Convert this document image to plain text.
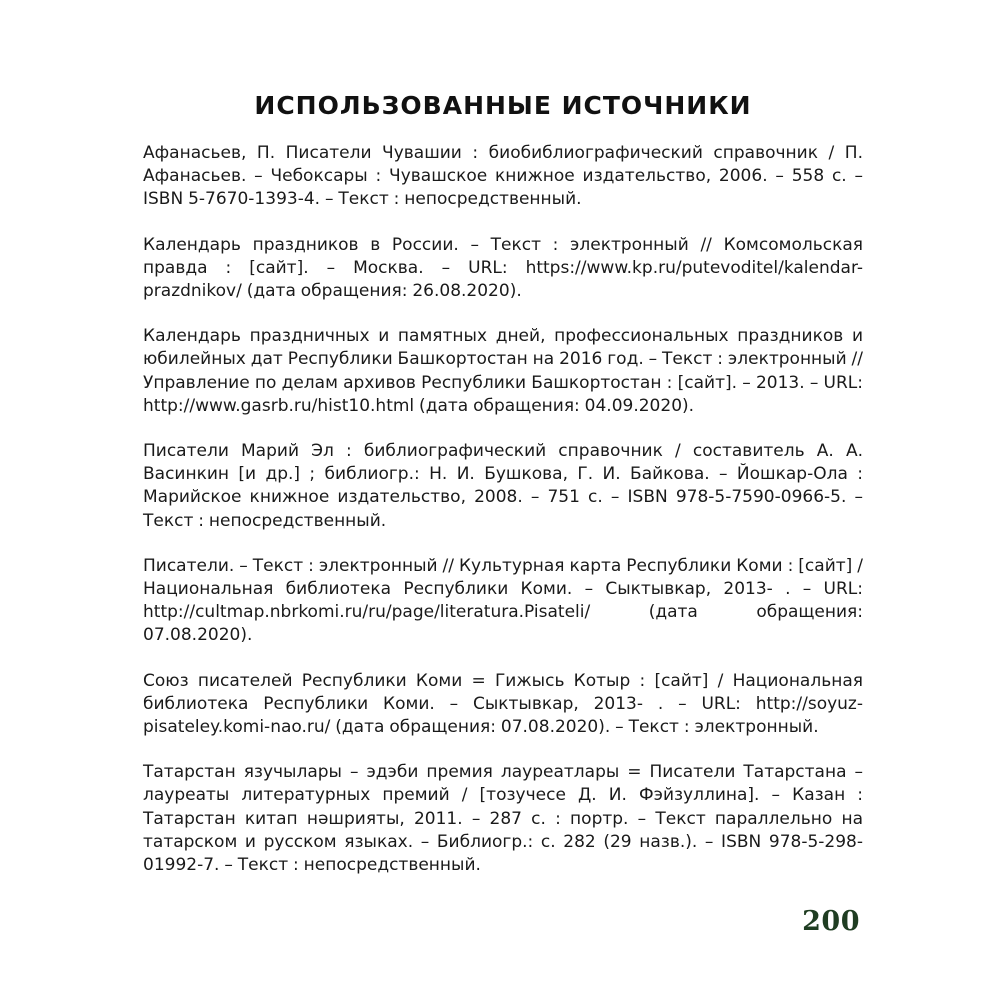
ИСПОЛЬЗОВАННЫЕ ИСТОЧНИКИ

Афанасьев, П. Писатели Чувашии : биобиблиографический справочник / П. Афанасьев. – Чебоксары : Чувашское книжное издательство, 2006. – 558 с. – ISBN 5-7670-1393-4. – Текст : непосредственный.

Календарь праздников в России. – Текст : электронный // Комсомольская правда : [сайт]. – Москва. – URL: https://www.kp.ru/putevoditel/kalendar-prazdnikov/ (дата обращения: 26.08.2020).

Календарь праздничных и памятных дней, профессиональных праздников и юбилейных дат Республики Башкортостан на 2016 год. – Текст : электронный // Управление по делам архивов Республики Башкортостан : [сайт]. – 2013. – URL: http://www.gasrb.ru/hist10.html (дата обращения: 04.09.2020).

Писатели Марий Эл : библиографический справочник / составитель А. А. Васинкин [и др.] ; библиогр.: Н. И. Бушкова, Г. И. Байкова. – Йошкар-Ола : Марийское книжное издательство, 2008. – 751 с. – ISBN 978-5-7590-0966-5. – Текст : непосредственный.

Писатели. – Текст : электронный // Культурная карта Республики Коми : [сайт] / Национальная библиотека Республики Коми. – Сыктывкар, 2013- . – URL: http://cultmap.nbrkomi.ru/ru/page/literatura.Pisateli/ (дата обращения: 07.08.2020).

Союз писателей Республики Коми = Гижысь Котыр : [сайт] / Национальная библиотека Республики Коми. – Сыктывкар, 2013- . – URL: http://soyuz-pisateley.komi-nao.ru/ (дата обращения: 07.08.2020). – Текст : электронный.

Татарстан язучылары – эдэби премия лауреатлары = Писатели Татарстана – лауреаты литературных премий / [тозучесе Д. И. Фэйзуллина]. – Казан : Татарстан китап нәшрияты, 2011. – 287 с. : портр. – Текст параллельно на татарском и русском языках. – Библиогр.: с. 282 (29 назв.). – ISBN 978-5-298-01992-7. – Текст : непосредственный.

200
